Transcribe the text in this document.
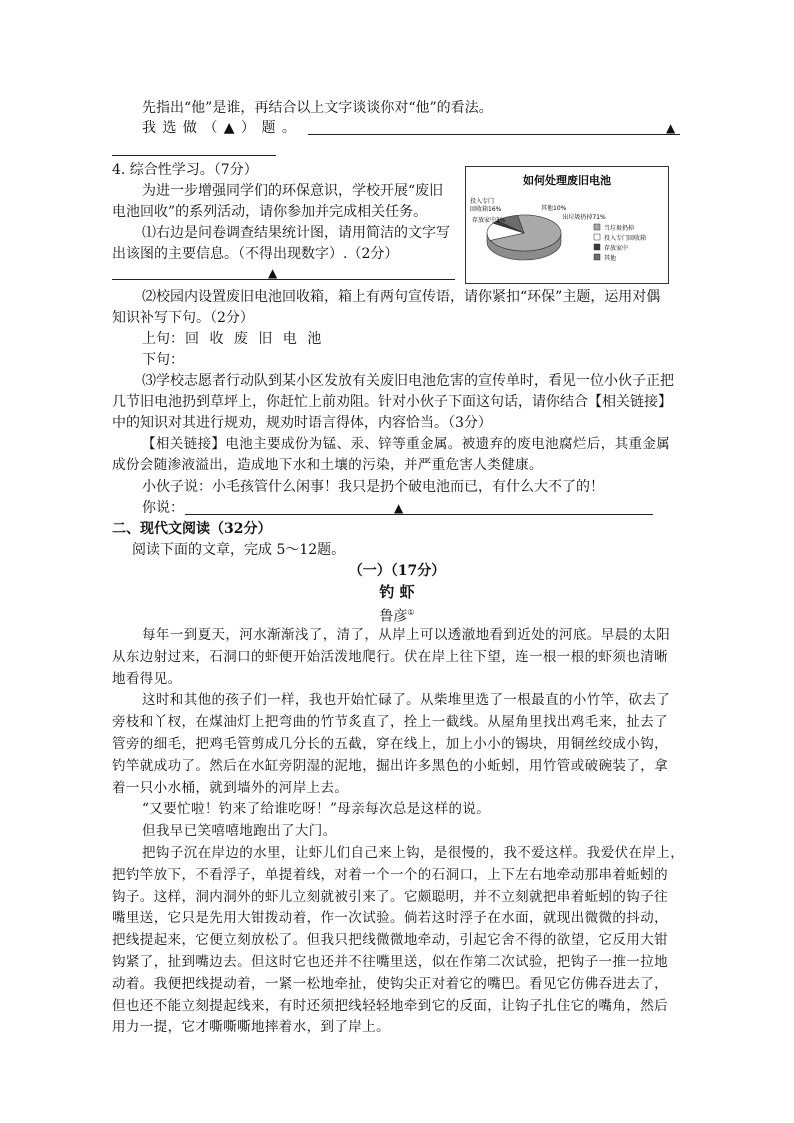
先指出“他”是谁，再结合以上文字谈谈你对“他”的看法。
我 选 做 （ ▲ ） 题 。	▲
4. 综合性学习。（7分）
为进一步增强同学们的环保意识，学校开展“废旧
电池回收”的系列活动，请你参加并完成相关任务。
⑴右边是问卷调查结果统计图，请用简洁的文字写
出该图的主要信息。（不得出现数字）.（2分）
▲
如何处理废旧电池
出垃圾扔掉71%
投入专门
回收箱16%
存放家中3%
其他10%
当垃圾扔掉
投入专门回收箱
存放家中
其他
⑵校园内设置废旧电池回收箱，箱上有两句宣传语，请你紧扣“环保”主题，运用对偶
知识补写下句。（2分）
上句： 回 收 废 旧 电 池
下句：
⑶学校志愿者行动队到某小区发放有关废旧电池危害的宣传单时，看见一位小伙子正把
几节旧电池扔到草坪上，你赶忙上前劝阻。针对小伙子下面这句话，请你结合【相关链接】
中的知识对其进行规劝，规劝时语言得体，内容恰当。（3分）
【相关链接】电池主要成份为锰、汞、锌等重金属。被遗弃的废电池腐烂后，其重金属
成份会随渗液溢出，造成地下水和土壤的污染，并严重危害人类健康。
小伙子说：小毛孩管什么闲事！我只是扔个破电池而已，有什么大不了的！
你说：	▲
二、现代文阅读（32分）
阅读下面的文章，完成 5～12题。
（一）（17分）
钓 虾
鲁彦①
每年一到夏天，河水渐渐浅了，清了，从岸上可以透澈地看到近处的河底。早晨的太阳
从东边射过来，石洞口的虾便开始活泼地爬行。伏在岸上往下望，连一根一根的虾须也清晰
地看得见。
这时和其他的孩子们一样，我也开始忙碌了。从柴堆里选了一根最直的小竹竿，砍去了
旁枝和丫杈，在煤油灯上把弯曲的竹节炙直了，拴上一截线。从屋角里找出鸡毛来，扯去了
管旁的细毛，把鸡毛管剪成几分长的五截，穿在线上，加上小小的锡块，用铜丝绞成小钩，
钓竿就成功了。然后在水缸旁阴湿的泥地，掘出许多黑色的小蚯蚓，用竹管或破碗装了，拿
着一只小水桶，就到墙外的河岸上去。
“又要忙啦！钓来了给谁吃呀！”母亲每次总是这样的说。
但我早已笑嘻嘻地跑出了大门。
把钩子沉在岸边的水里，让虾儿们自己来上钩，是很慢的，我不爱这样。我爱伏在岸上，
把钓竿放下，不看浮子，单提着线，对着一个一个的石洞口，上下左右地牵动那串着蚯蚓的
钩子。这样，洞内洞外的虾儿立刻就被引来了。它颇聪明，并不立刻就把串着蚯蚓的钩子往
嘴里送，它只是先用大钳拨动着，作一次试验。倘若这时浮子在水面，就现出微微的抖动，
把线提起来，它便立刻放松了。但我只把线微微地牵动，引起它舍不得的欲望，它反用大钳
钩紧了，扯到嘴边去。但这时它也还并不往嘴里送，似在作第二次试验，把钩子一推一拉地
动着。我便把线提动着，一紧一松地牵扯，使钩尖正对着它的嘴巴。看见它仿佛吞进去了，
但也还不能立刻提起线来，有时还须把线轻轻地牵到它的反面，让钩子扎住它的嘴角，然后
用力一提，它才嘶嘶嘶地摔着水，到了岸上。
